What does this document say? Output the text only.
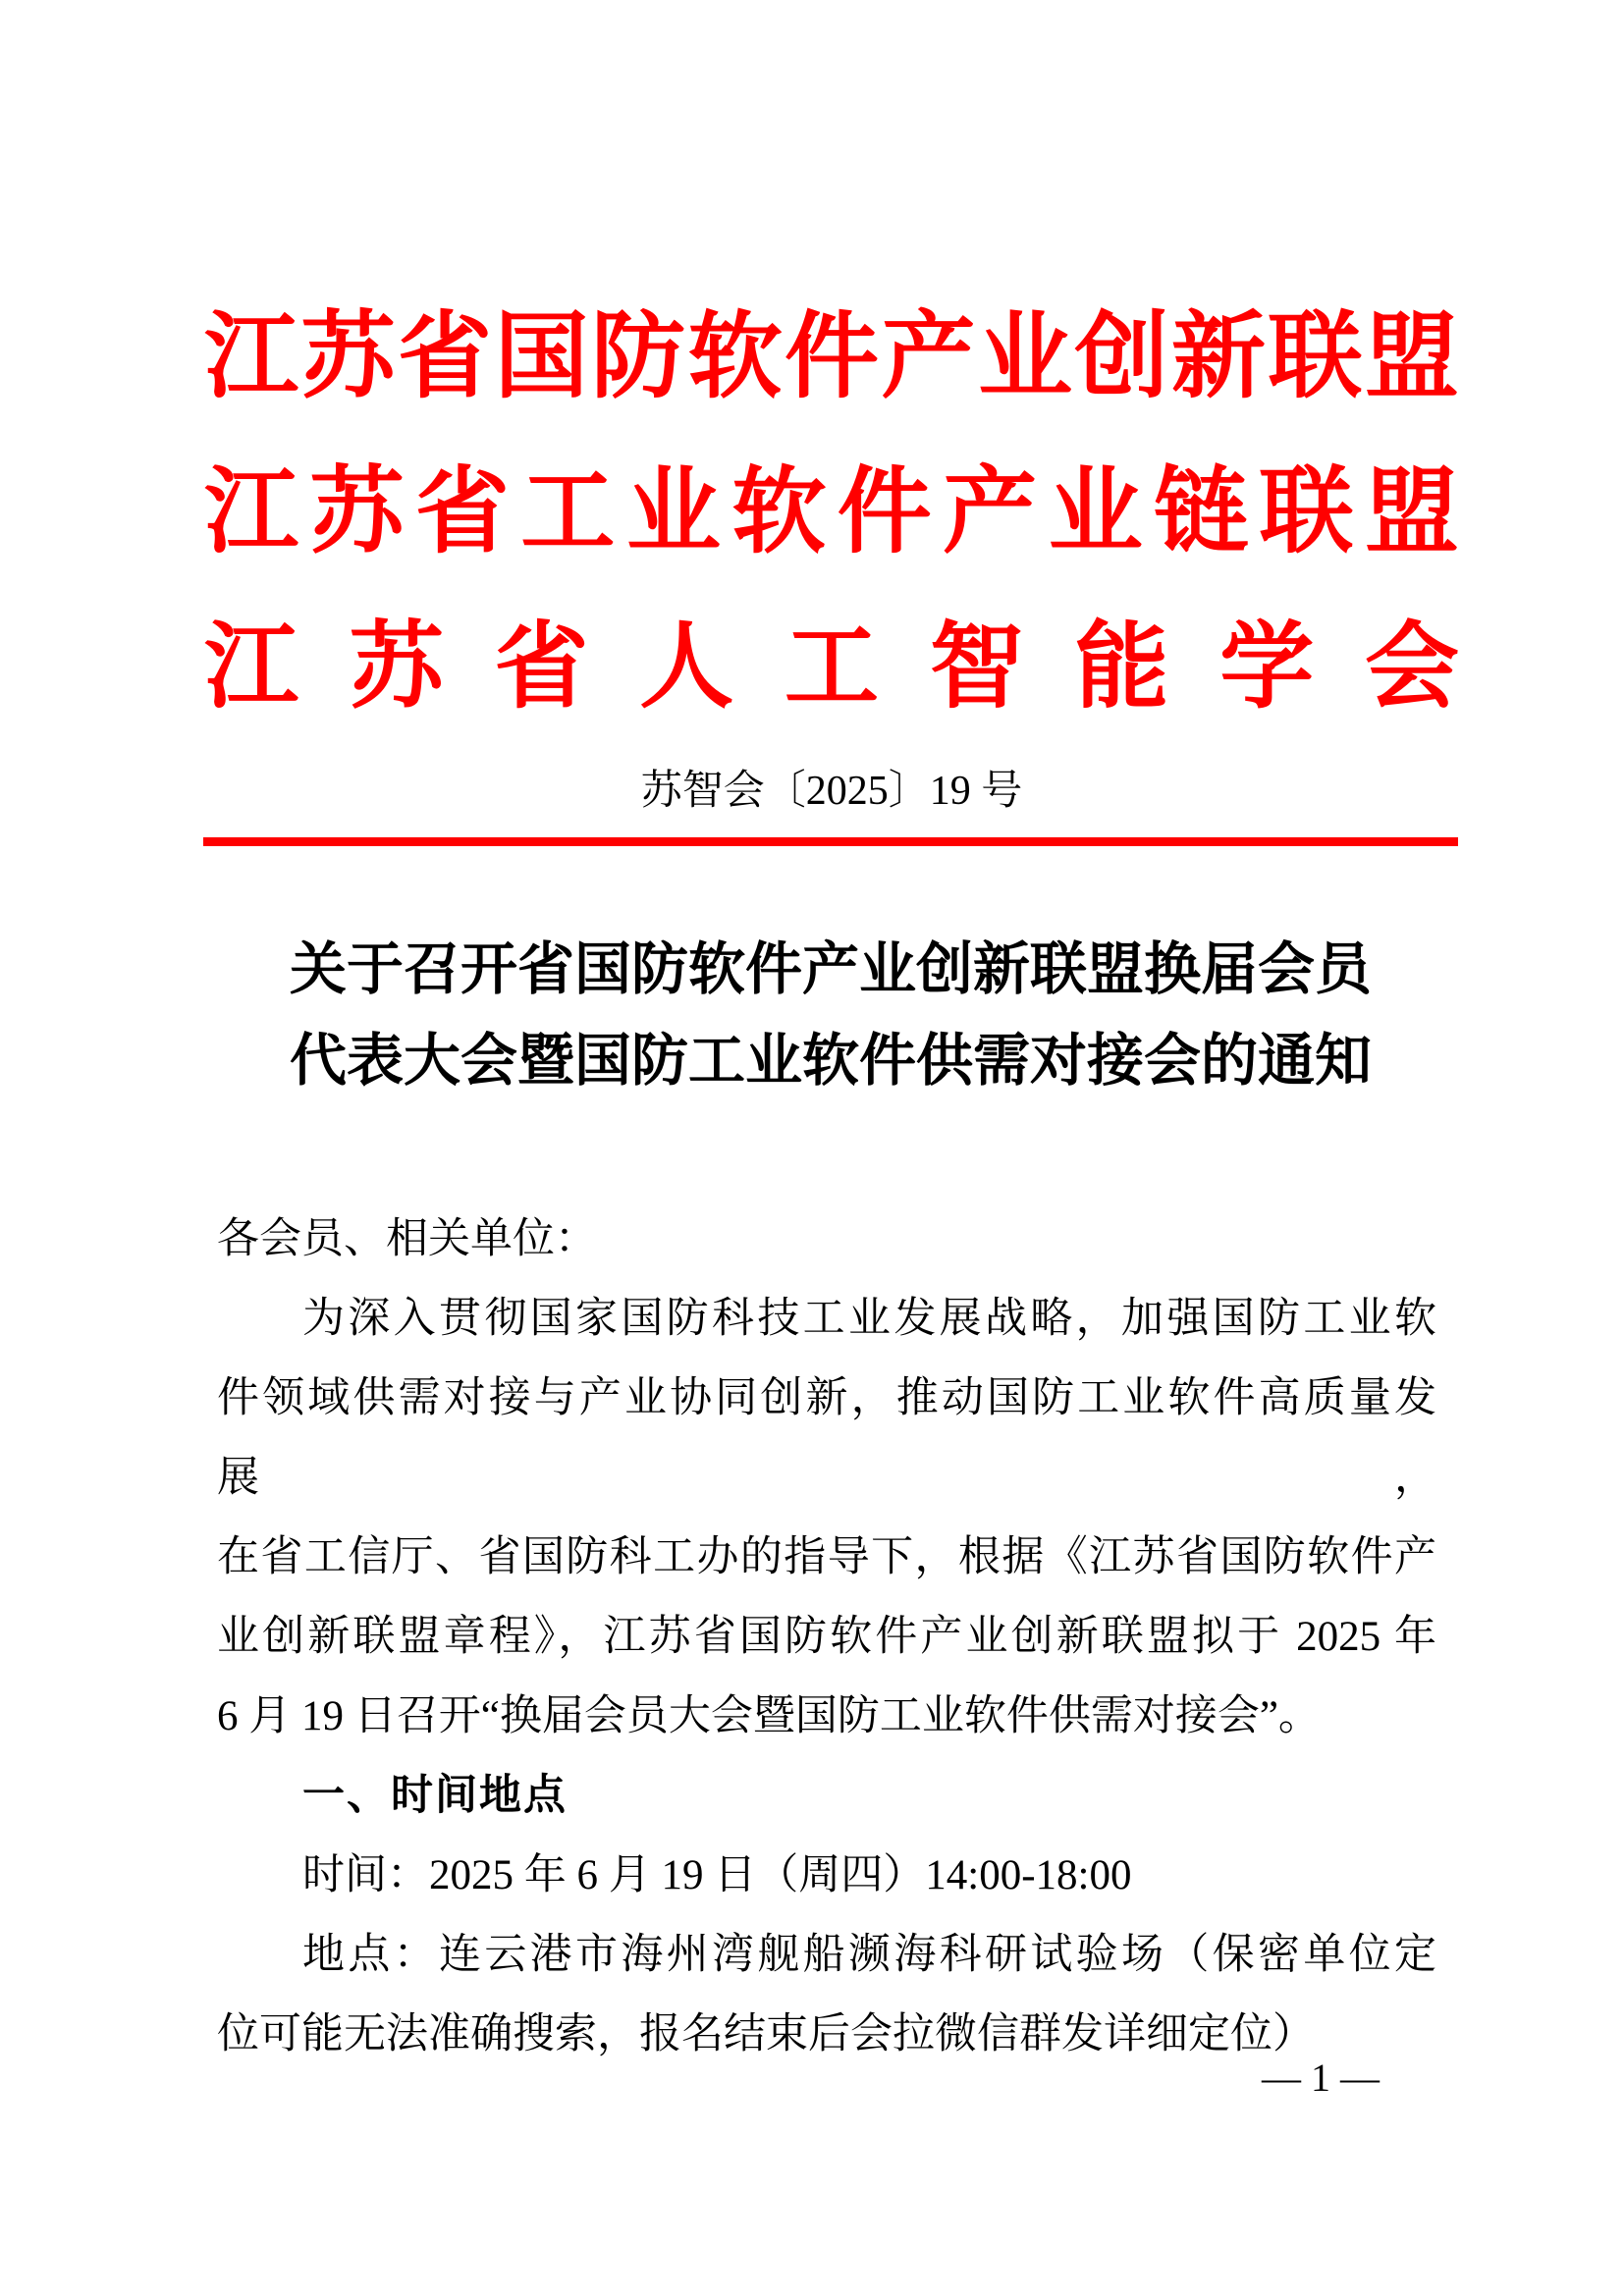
江苏省国防软件产业创新联盟
江苏省工业软件产业链联盟
江苏省人工智能学会
苏智会〔2025〕19 号
关于召开省国防软件产业创新联盟换届会员
代表大会暨国防工业软件供需对接会的通知
各会员、相关单位：
为深入贯彻国家国防科技工业发展战略，加强国防工业软
件领域供需对接与产业协同创新，推动国防工业软件高质量发展，
在省工信厅、省国防科工办的指导下，根据《江苏省国防软件产
业创新联盟章程》，江苏省国防软件产业创新联盟拟于 2025 年
6 月 19 日召开“换届会员大会暨国防工业软件供需对接会”。
一、时间地点
时间：2025 年 6 月 19 日（周四）14:00-18:00
地点：连云港市海州湾舰船濒海科研试验场（保密单位定
位可能无法准确搜索，报名结束后会拉微信群发详细定位）
— 1 —
